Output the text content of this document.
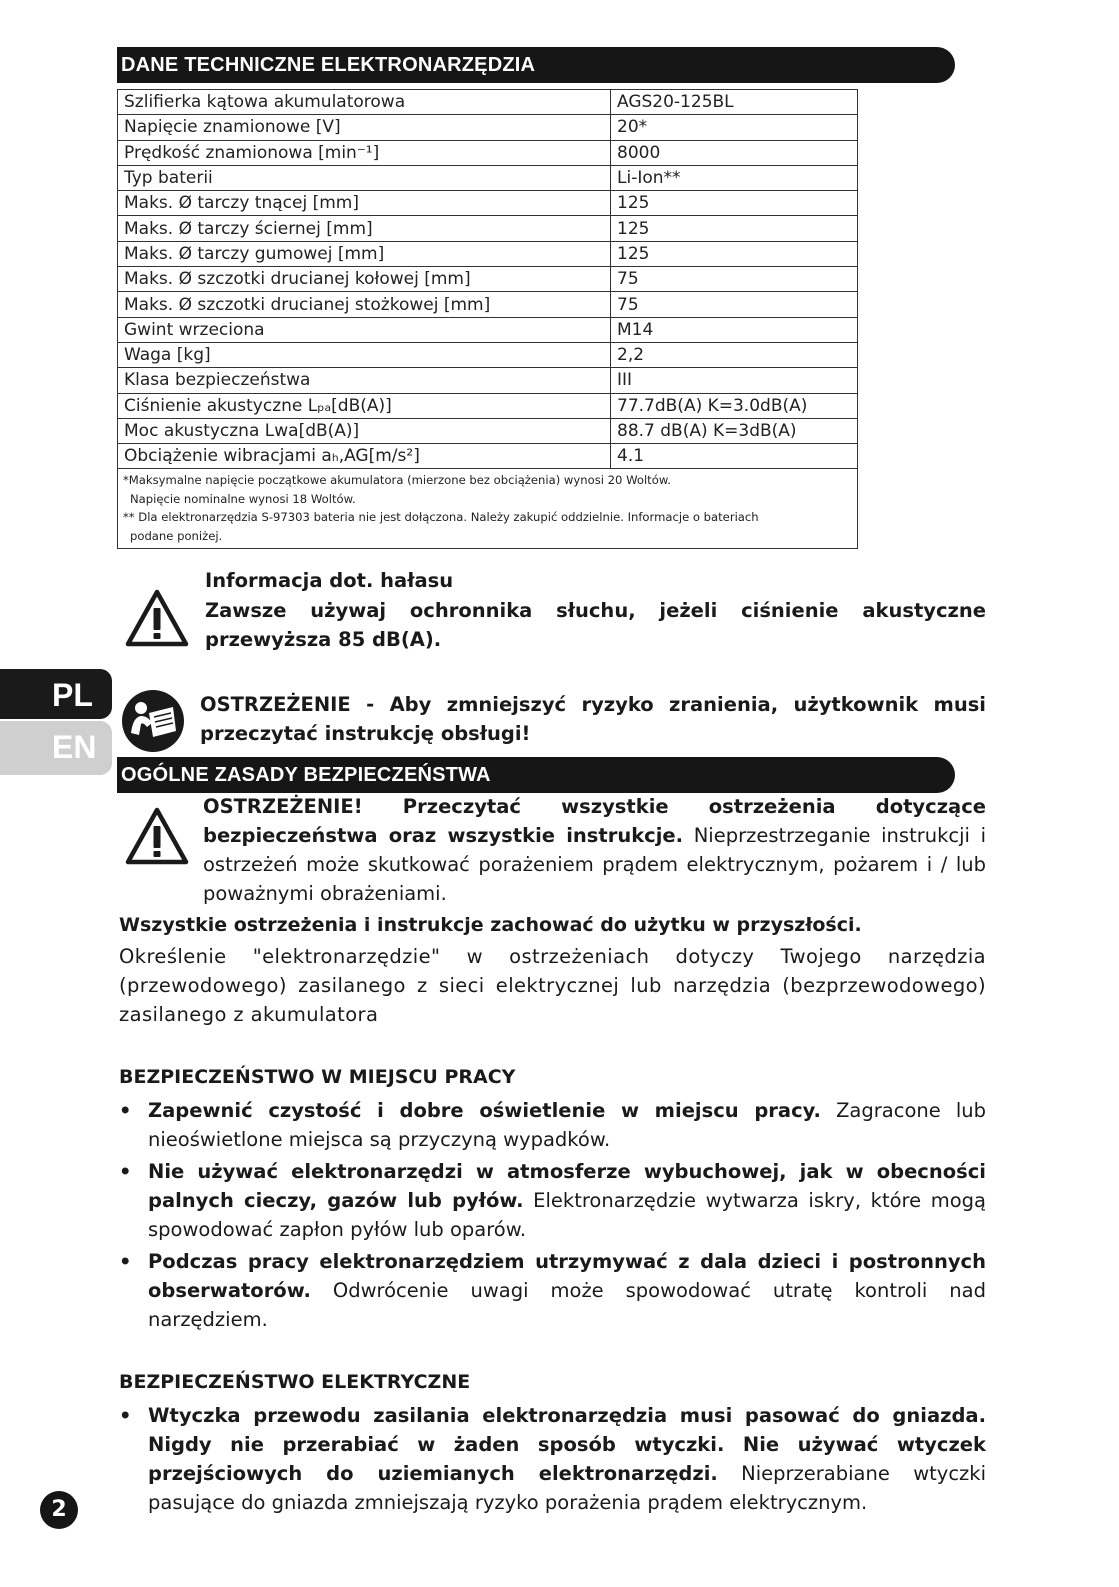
DANE TECHNICZNE ELEKTRONARZĘDZIA
Szlifierka kątowa akumulatorowa	AGS20-125BL
Napięcie znamionowe [V]	20*
Prędkość znamionowa [min⁻¹]	8000
Typ baterii	Li-Ion**
Maks. Ø tarczy tnącej [mm]	125
Maks. Ø tarczy ściernej [mm]	125
Maks. Ø tarczy gumowej [mm]	125
Maks. Ø szczotki drucianej kołowej [mm]	75
Maks. Ø szczotki drucianej stożkowej [mm]	75
Gwint wrzeciona	M14
Waga [kg]	2,2
Klasa bezpieczeństwa	III
Ciśnienie akustyczne Lₚₐ[dB(A)]	77.7dB(A) K=3.0dB(A)
Moc akustyczna Lwa[dB(A)]	88.7 dB(A) K=3dB(A)
Obciążenie wibracjami aₕ,AG[m/s²]	4.1

*Maksymalne napięcie początkowe akumulatora (mierzone bez obciążenia) wynosi 20 Woltów.
Napięcie nominalne wynosi 18 Woltów.
** Dla elektronarzędzia S-97303 bateria nie jest dołączona. Należy zakupić oddzielnie. Informacje o bateriach
podane poniżej.	
Informacja dot. hałasu
Zawsze używaj ochronnika słuchu, jeżeli ciśnienie akustyczne przewyższa 85 dB(A).
PL
EN
OSTRZEŻENIE - Aby zmniejszyć ryzyko zranienia, użytkownik musi przeczytać instrukcję obsługi!
OGÓLNE ZASADY BEZPIECZEŃSTWA
OSTRZEŻENIE! Przeczytać wszystkie ostrzeżenia dotyczące bezpieczeństwa oraz wszystkie instrukcje. Nieprzestrzeganie instrukcji i ostrzeżeń może skutkować porażeniem prądem elektrycznym, pożarem i / lub poważnymi obrażeniami.
Wszystkie ostrzeżenia i instrukcje zachować do użytku w przyszłości.
Określenie "elektronarzędzie" w ostrzeżeniach dotyczy Twojego narzędzia (przewodowego) zasilanego z sieci elektrycznej lub narzędzia (bezprzewodowego) zasilanego z akumulatora
BEZPIECZEŃSTWO W MIEJSCU PRACY
• Zapewnić czystość i dobre oświetlenie w miejscu pracy. Zagracone lub nieoświetlone miejsca są przyczyną wypadków.
• Nie używać elektronarzędzi w atmosferze wybuchowej, jak w obecności palnych cieczy, gazów lub pyłów. Elektronarzędzie wytwarza iskry, które mogą spowodować zapłon pyłów lub oparów.
• Podczas pracy elektronarzędziem utrzymywać z dala dzieci i postronnych obserwatorów. Odwrócenie uwagi może spowodować utratę kontroli nad narzędziem.
BEZPIECZEŃSTWO ELEKTRYCZNE
• Wtyczka przewodu zasilania elektronarzędzia musi pasować do gniazda. Nigdy nie przerabiać w żaden sposób wtyczki. Nie używać wtyczek przejściowych do uziemianych elektronarzędzi. Nieprzerabiane wtyczki pasujące do gniazda zmniejszają ryzyko porażenia prądem elektrycznym.
2
